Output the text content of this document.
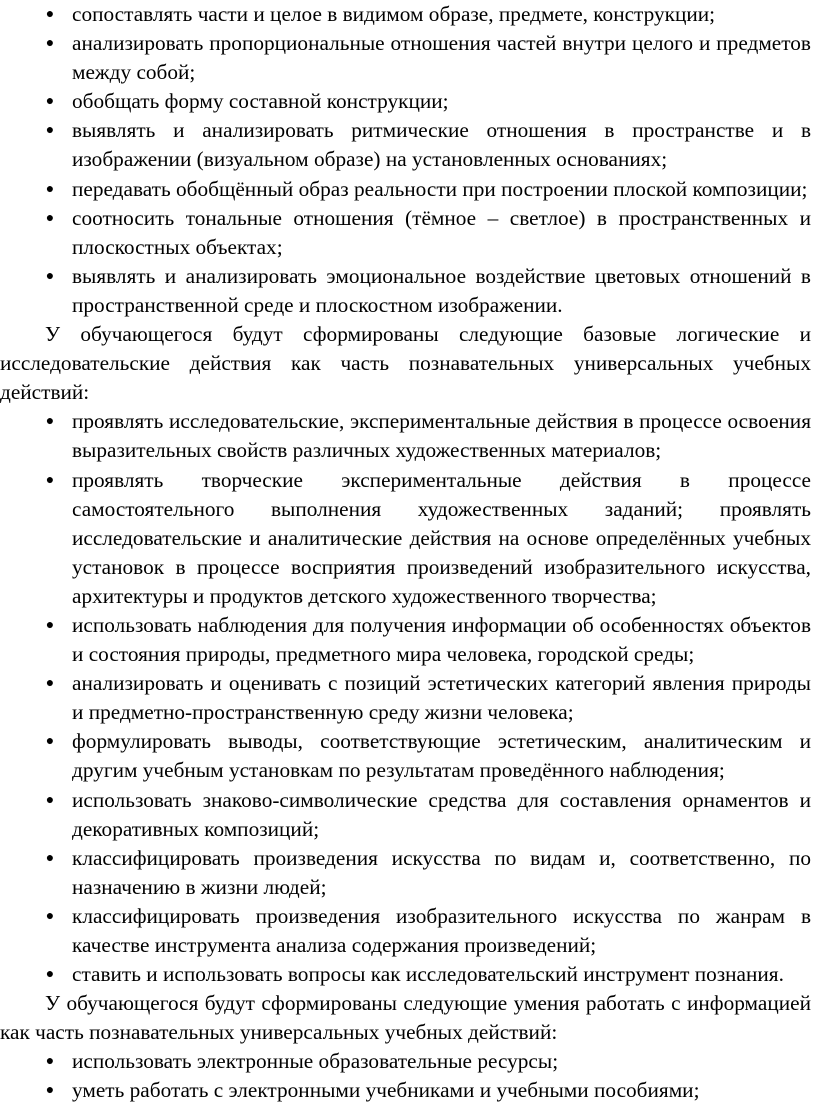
● сопоставлять части и целое в видимом образе, предмете, конструкции;
● анализировать пропорциональные отношения частей внутри целого и предметов между собой;
● обобщать форму составной конструкции;
● выявлять и анализировать ритмические отношения в пространстве и в изображении (визуальном образе) на установленных основаниях;
● передавать обобщённый образ реальности при построении плоской композиции;
● соотносить тональные отношения (тёмное – светлое) в пространственных и плоскостных объектах;
● выявлять и анализировать эмоциональное воздействие цветовых отношений в пространственной среде и плоскостном изображении.

У обучающегося будут сформированы следующие базовые логические и исследовательские действия как часть познавательных универсальных учебных действий:

● проявлять исследовательские, экспериментальные действия в процессе освоения выразительных свойств различных художественных материалов;
● проявлять творческие экспериментальные действия в процессе самостоятельного выполнения художественных заданий; проявлять исследовательские и аналитические действия на основе определённых учебных установок в процессе восприятия произведений изобразительного искусства, архитектуры и продуктов детского художественного творчества;
● использовать наблюдения для получения информации об особенностях объектов и состояния природы, предметного мира человека, городской среды;
● анализировать и оценивать с позиций эстетических категорий явления природы и предметно-пространственную среду жизни человека;
● формулировать выводы, соответствующие эстетическим, аналитическим и другим учебным установкам по результатам проведённого наблюдения;
● использовать знаково-символические средства для составления орнаментов и декоративных композиций;
● классифицировать произведения искусства по видам и, соответственно, по назначению в жизни людей;
● классифицировать произведения изобразительного искусства по жанрам в качестве инструмента анализа содержания произведений;
● ставить и использовать вопросы как исследовательский инструмент познания.

У обучающегося будут сформированы следующие умения работать с информацией как часть познавательных универсальных учебных действий:

● использовать электронные образовательные ресурсы;
● уметь работать с электронными учебниками и учебными пособиями;
